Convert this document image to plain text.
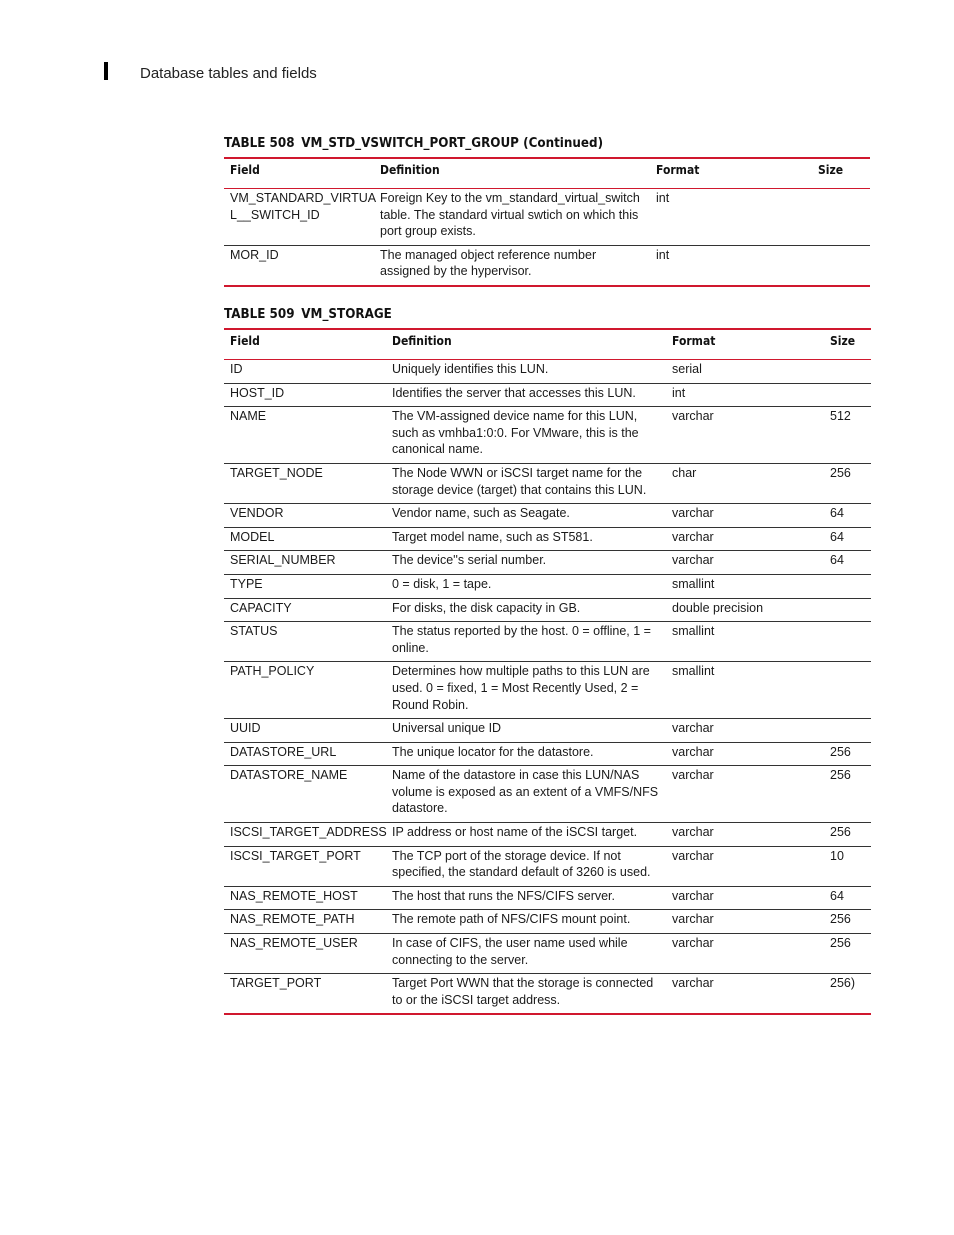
Database tables and fields
TABLE 508 VM_STD_VSWITCH_PORT_GROUP (Continued)
Field	Definition	Format	Size
VM_STANDARD_VIRTUA L__SWITCH_ID	Foreign Key to the vm_standard_virtual_switch table. The standard virtual swtich on which this port group exists.	int	
MOR_ID	The managed object reference number assigned by the hypervisor.	int	
TABLE 509 VM_STORAGE
Field	Definition	Format	Size
ID	Uniquely identifies this LUN.	serial	
HOST_ID	Identifies the server that accesses this LUN.	int	
NAME	The VM-assigned device name for this LUN, such as vmhba1:0:0. For VMware, this is the canonical name.	varchar	512
TARGET_NODE	The Node WWN or iSCSI target name for the storage device (target) that contains this LUN.	char	256
VENDOR	Vendor name, such as Seagate.	varchar	64
MODEL	Target model name, such as ST581.	varchar	64
SERIAL_NUMBER	The device''s serial number.	varchar	64
TYPE	0 = disk, 1 = tape.	smallint	
CAPACITY	For disks, the disk capacity in GB.	double precision	
STATUS	The status reported by the host. 0 = offline, 1 = online.	smallint	
PATH_POLICY	Determines how multiple paths to this LUN are used. 0 = fixed, 1 = Most Recently Used, 2 = Round Robin.	smallint	
UUID	Universal unique ID	varchar	
DATASTORE_URL	The unique locator for the datastore.	varchar	256
DATASTORE_NAME	Name of the datastore in case this LUN/NAS volume is exposed as an extent of a VMFS/NFS datastore.	varchar	256
ISCSI_TARGET_ADDRESS	IP address or host name of the iSCSI target.	varchar	256
ISCSI_TARGET_PORT	The TCP port of the storage device. If not specified, the standard default of 3260 is used.	varchar	10
NAS_REMOTE_HOST	The host that runs the NFS/CIFS server.	varchar	64
NAS_REMOTE_PATH	The remote path of NFS/CIFS mount point.	varchar	256
NAS_REMOTE_USER	In case of CIFS, the user name used while connecting to the server.	varchar	256
TARGET_PORT	Target Port WWN that the storage is connected to or the iSCSI target address.	varchar	256)
